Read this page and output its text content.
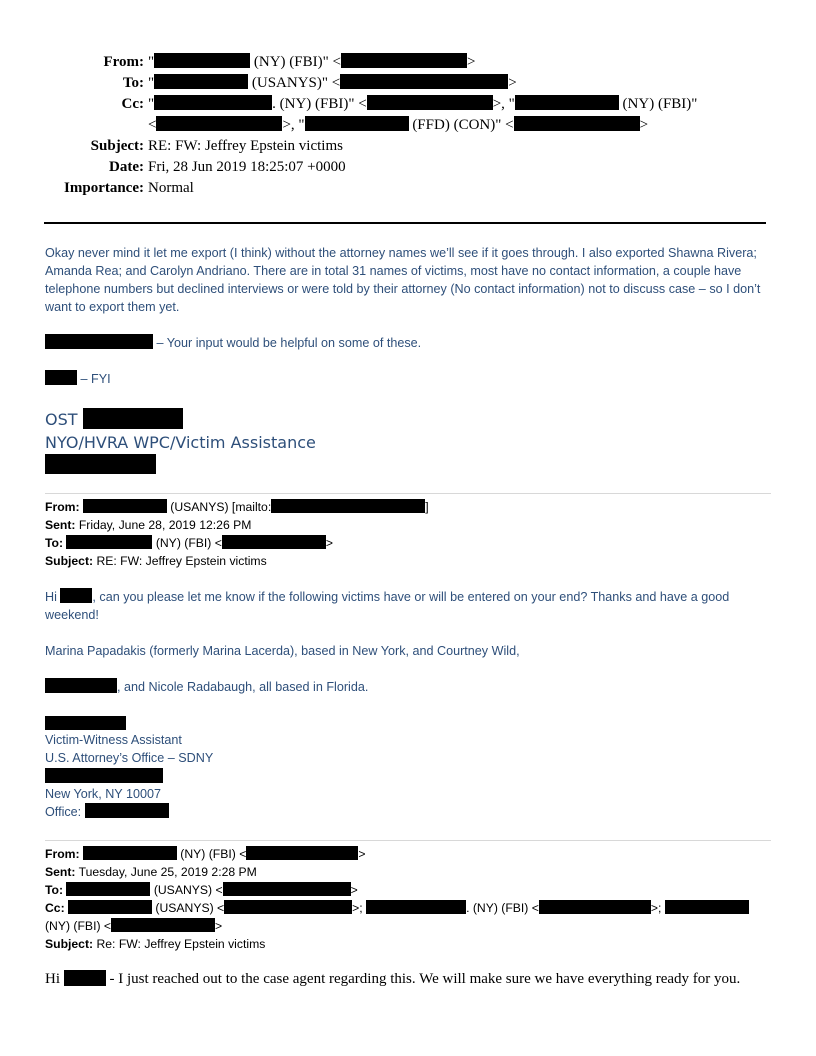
From: "	(NY) (FBI)" <	>
To: "	(USANYS)" <	>
Cc: "	. (NY) (FBI)" <	>, "	(NY) (FBI)"
<	>, "	(FFD) (CON)" <	>
Subject: RE: FW: Jeffrey Epstein victims
Date: Fri, 28 Jun 2019 18:25:07 +0000
Importance: Normal
Okay never mind it let me export (I think) without the attorney names we’ll see if it goes through. I also exported Shawna Rivera; Amanda Rea; and Carolyn Andriano. There are in total 31 names of victims, most have no contact information, a couple have telephone numbers but declined interviews or were told by their attorney (No contact information) not to discuss case – so I don’t want to export them yet.
– Your input would be helpful on some of these.
– FYI
OST
NYO/HVRA WPC/Victim Assistance
From:	(USANYS) [mailto:	]
Sent: Friday, June 28, 2019 12:26 PM
To:	(NY) (FBI) <	>
Subject: RE: FW: Jeffrey Epstein victims
Hi	, can you please let me know if the following victims have or will be entered on your end? Thanks and have a good weekend!
Marina Papadakis (formerly Marina Lacerda), based in New York, and Courtney Wild,
, and Nicole Radabaugh, all based in Florida.
Victim-Witness Assistant
U.S. Attorney’s Office – SDNY
New York, NY 10007
Office:
From:	(NY) (FBI) <	>
Sent: Tuesday, June 25, 2019 2:28 PM
To:	(USANYS) <	>
Cc:	(USANYS) <	>;	. (NY) (FBI) <	>;
(NY) (FBI) <	>
Subject: Re: FW: Jeffrey Epstein victims
Hi	- I just reached out to the case agent regarding this. We will make sure we have everything ready for you.
